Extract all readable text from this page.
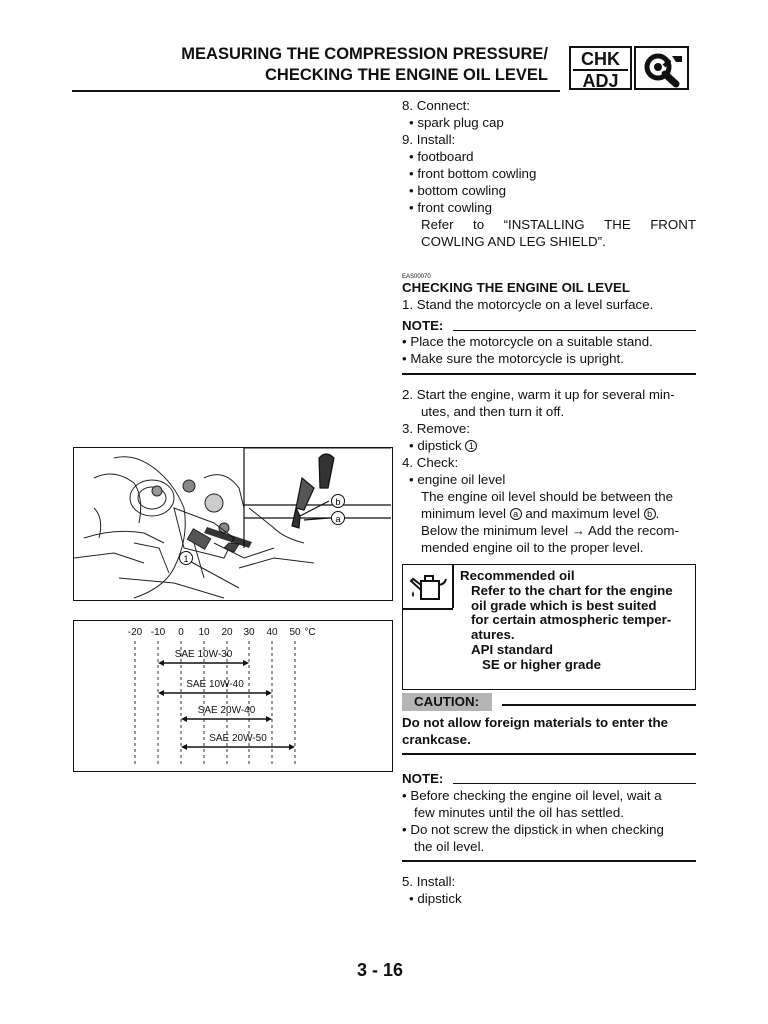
MEASURING THE COMPRESSION PRESSURE/
CHECKING THE ENGINE OIL LEVEL
CHK
ADJ
8. Connect:
• spark plug cap
9. Install:
• footboard
• front bottom cowling
• bottom cowling
• front cowling
Refer to “INSTALLING THE FRONT
COWLING AND LEG SHIELD”.
EAS00070
CHECKING THE ENGINE OIL LEVEL
1. Stand the motorcycle on a level surface.
NOTE:
• Place the motorcycle on a suitable stand.
• Make sure the motorcycle is upright.
2. Start the engine, warm it up for several min-
utes, and then turn it off.
3. Remove:
• dipstick 1
4. Check:
• engine oil level
The engine oil level should be between the
minimum level a and maximum level b .
Below the minimum level → Add the recom-
mended engine oil to the proper level.
Recommended oil
Refer to the chart for the engine
oil grade which is best suited
for certain atmospheric temper-
atures.
API standard
SE or higher grade
CAUTION:
Do not allow foreign materials to enter the
crankcase.
NOTE:
• Before checking the engine oil level, wait a
few minutes until the oil has settled.
• Do not screw the dipstick in when checking
the oil level.
5. Install:
• dipstick
1
b
a
-20 -10 0 10 20 30 40 50 °C
SAE 10W-30
SAE 10W-40
SAE 20W-40
SAE 20W-50
3 - 16
